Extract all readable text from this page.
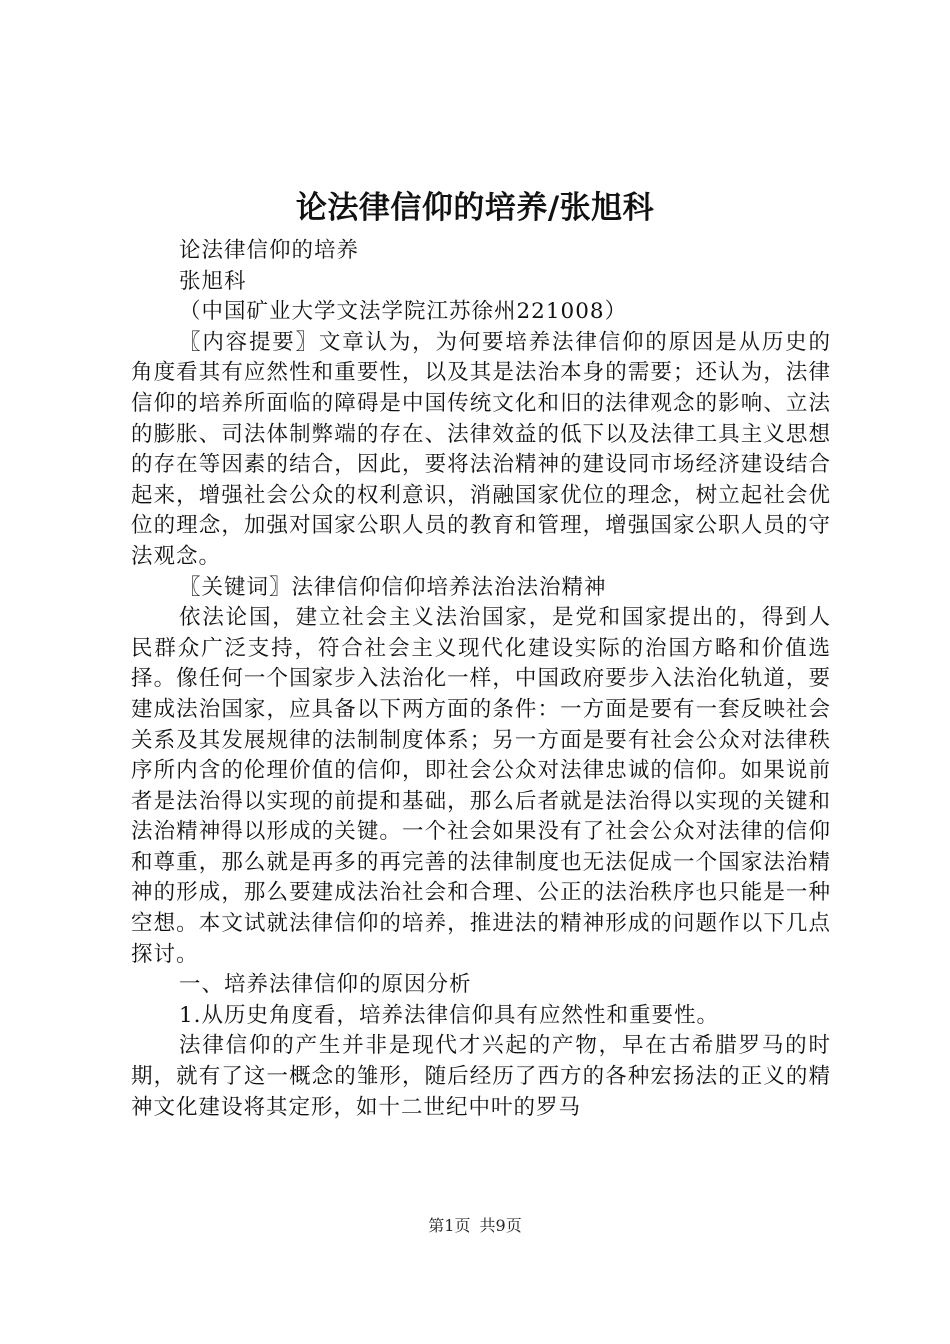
论法律信仰的培养/张旭科

论法律信仰的培养

张旭科

（中国矿业大学文法学院江苏徐州221008）

〖内容提要〗文章认为，为何要培养法律信仰的原因是从历史的角度看其有应然性和重要性，以及其是法治本身的需要；还认为，法律信仰的培养所面临的障碍是中国传统文化和旧的法律观念的影响、立法的膨胀、司法体制弊端的存在、法律效益的低下以及法律工具主义思想的存在等因素的结合，因此，要将法治精神的建设同市场经济建设结合起来，增强社会公众的权利意识，消融国家优位的理念，树立起社会优位的理念，加强对国家公职人员的教育和管理，增强国家公职人员的守法观念。

〖关键词〗法律信仰信仰培养法治法治精神

依法论国，建立社会主义法治国家，是党和国家提出的，得到人民群众广泛支持，符合社会主义现代化建设实际的治国方略和价值选择。像任何一个国家步入法治化一样，中国政府要步入法治化轨道，要建成法治国家，应具备以下两方面的条件：一方面是要有一套反映社会关系及其发展规律的法制制度体系；另一方面是要有社会公众对法律秩序所内含的伦理价值的信仰，即社会公众对法律忠诚的信仰。如果说前者是法治得以实现的前提和基础，那么后者就是法治得以实现的关键和法治精神得以形成的关键。一个社会如果没有了社会公众对法律的信仰和尊重，那么就是再多的再完善的法律制度也无法促成一个国家法治精神的形成，那么要建成法治社会和合理、公正的法治秩序也只能是一种空想。本文试就法律信仰的培养，推进法的精神形成的问题作以下几点探讨。

一、培养法律信仰的原因分析

1.从历史角度看，培养法律信仰具有应然性和重要性。

法律信仰的产生并非是现代才兴起的产物，早在古希腊罗马的时期，就有了这一概念的雏形，随后经历了西方的各种宏扬法的正义的精神文化建设将其定形，如十二世纪中叶的罗马

第1页 共9页
